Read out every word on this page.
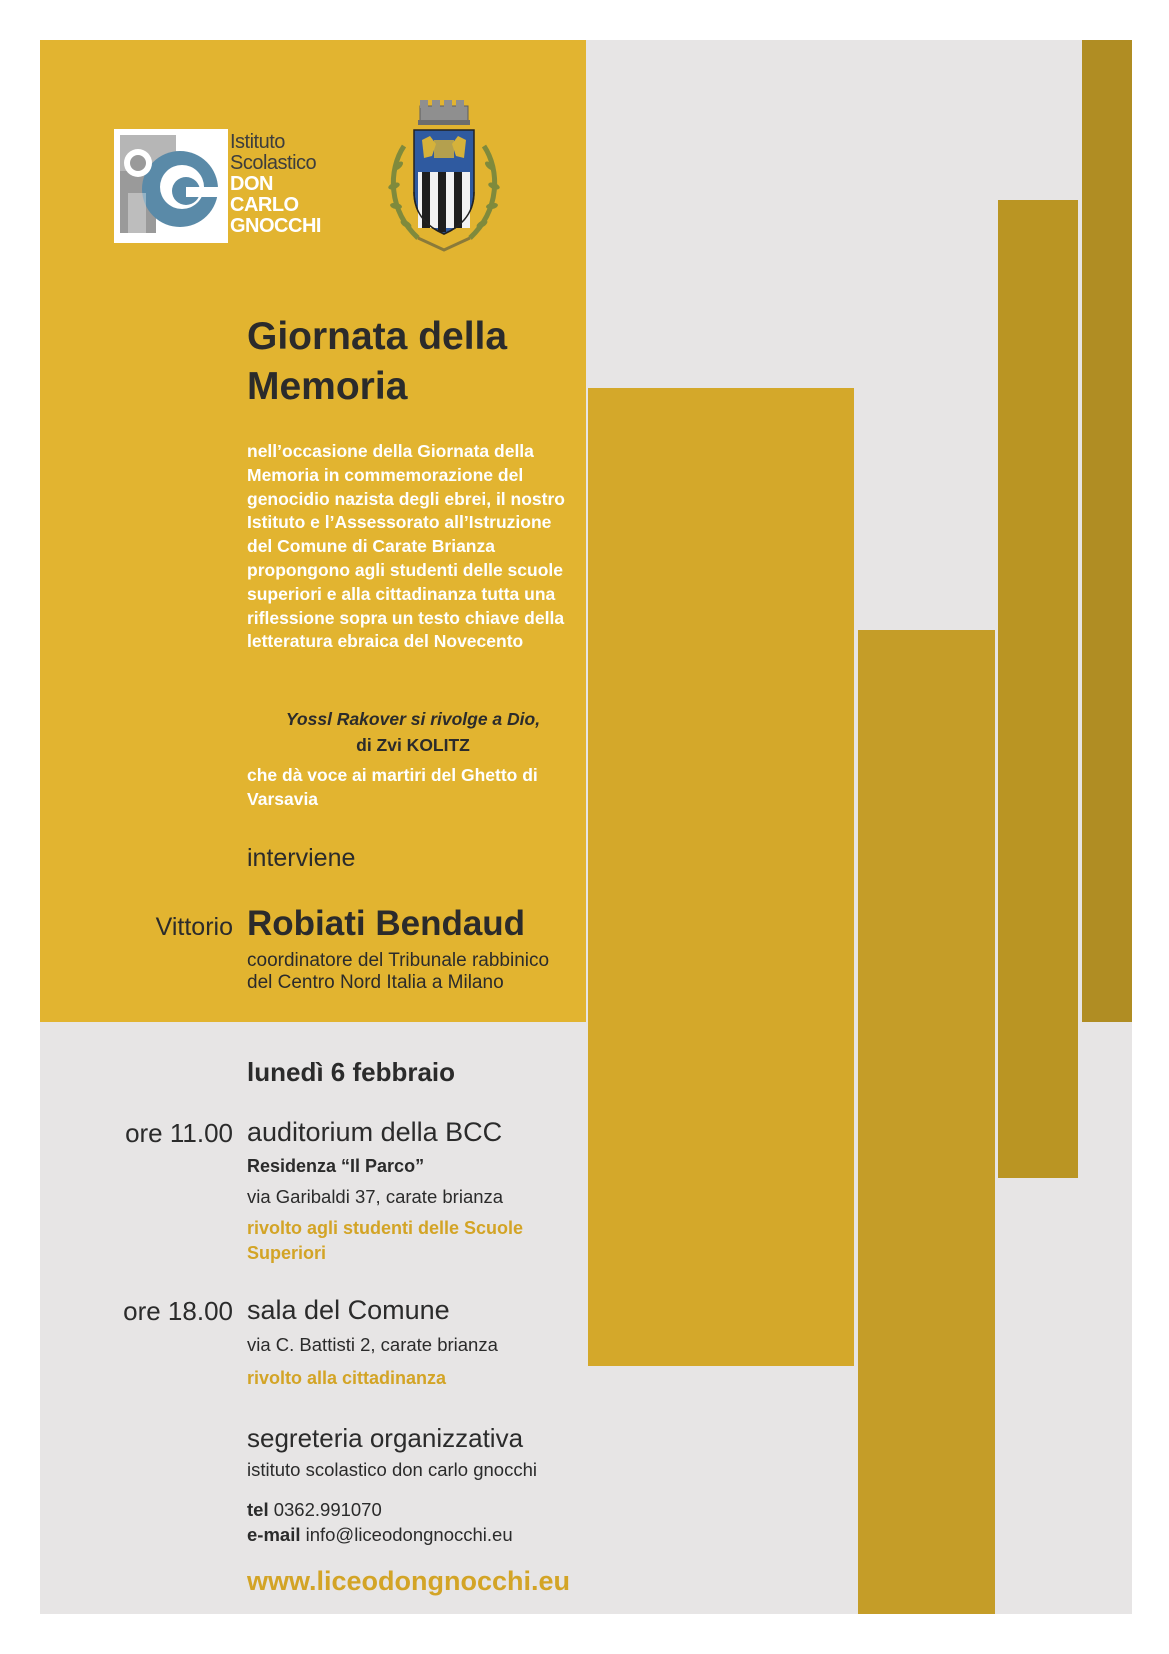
Istituto
Scolastico
DON
CARLO
GNOCCHI
Giornata della
Memoria
nell’occasione della Giornata della Memoria in commemorazione del genocidio nazista degli ebrei, il nostro Istituto e l’Assessorato all’Istruzione del Comune di Carate Brianza propongono agli studenti delle scuole superiori e alla cittadinanza tutta una riflessione sopra un testo chiave della letteratura ebraica del Novecento
Yossl Rakover si rivolge a Dio,
di Zvi KOLITZ
che dà voce ai martiri del Ghetto di Varsavia
interviene
Vittorio Robiati Bendaud
coordinatore del Tribunale rabbinico
del Centro Nord Italia a Milano
lunedì 6 febbraio
ore 11.00 auditorium della BCC
Residenza “Il Parco”
via Garibaldi 37, carate brianza
rivolto agli studenti delle Scuole Superiori
ore 18.00 sala del Comune
via C. Battisti 2, carate brianza
rivolto alla cittadinanza
segreteria organizzativa
istituto scolastico don carlo gnocchi
tel 0362.991070
e-mail info@liceodongnocchi.eu
www.liceodongnocchi.eu
